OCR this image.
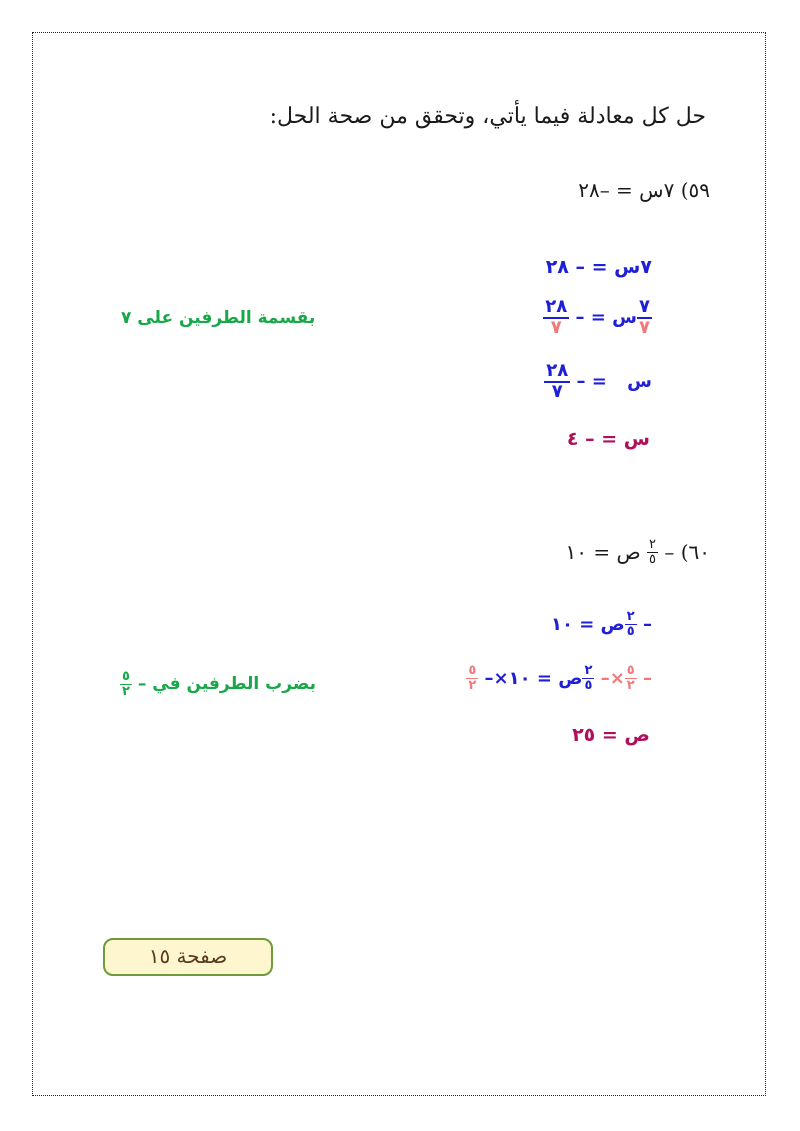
حل كل معادلة فيما يأتي، وتحقق من صحة الحل:
٥٩) ٧س = –٢٨
٧س = – ٢٨
$\frac{٧}{٧}$
س = –
$\frac{٢٨}{٧}$
بقسمة الطرفين على ٧
س = –
$\frac{٢٨}{٧}$
س = – ٤
٦٠) –
$\frac{٢}{٥}$
ص = ١٠
–
$\frac{٢}{٥}$
ص = ١٠
–
$\frac{٥}{٢}$
×–
$\frac{٢}{٥}$
ص = ١٠×–
$\frac{٥}{٢}$
بضرب الطرفين في –
$\frac{٥}{٢}$
ص = ٢٥
صفحة ١٥
